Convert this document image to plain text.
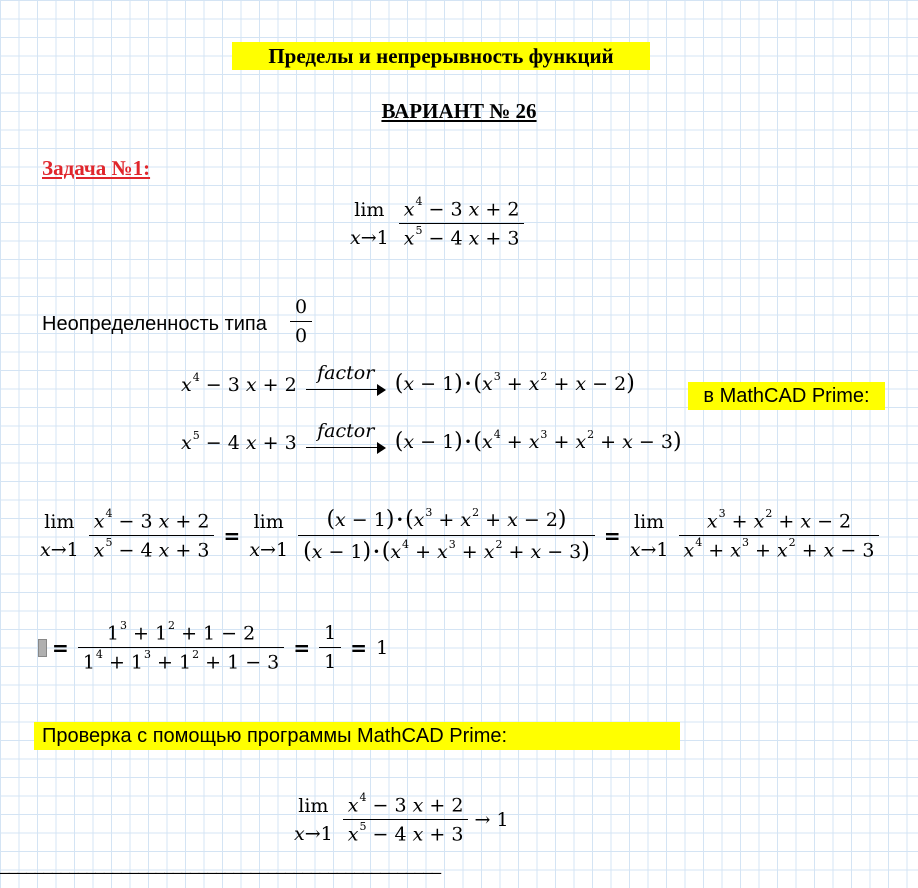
Пределы и непрерывность функций
ВАРИАНТ № 26
Задача №1:
lim
x→1
$\frac{x^4 - 3 x + 2}{x^5 - 4 x + 3}$
Неопределенность типа $\frac{0}{0}$
$x^4 - 3$ x + 2
factor $(x - 1) \cdot(x^3 + x^2 + x - 2)$	в MathCAD Prime:
$x^5 - 4$ x + 3
factor $(x - 1) \cdot(x^4 + x^3 + x^2 + x - 3)$
lim
x→1
$\frac{x^4 - 3 x + 2}{x^5 - 4 x + 3}$ =
lim
x→1
$\frac{(x - 1) \cdot(x^3 + x^2 + x - 2)}{(x - 1) \cdot(x^4 + x^3 + x^2 + x - 3)}$ =
lim
x→1
$\frac{x^3 + x^2 + x - 2}{x^4 + x^3 + x^2 + x - 3}$
= $\frac{1^3 + 1^2 + 1 - 2}{1^4 + 1^3 + 1^2 + 1 - 3} = \frac{1}{1} = 1$
Проверка с помощью программы MathCAD Prime:
lim
x→1
$\frac{x^4 - 3 x + 2}{x^5 - 4 x + 3} \to 1$
———————————————————————————————————————————————————
